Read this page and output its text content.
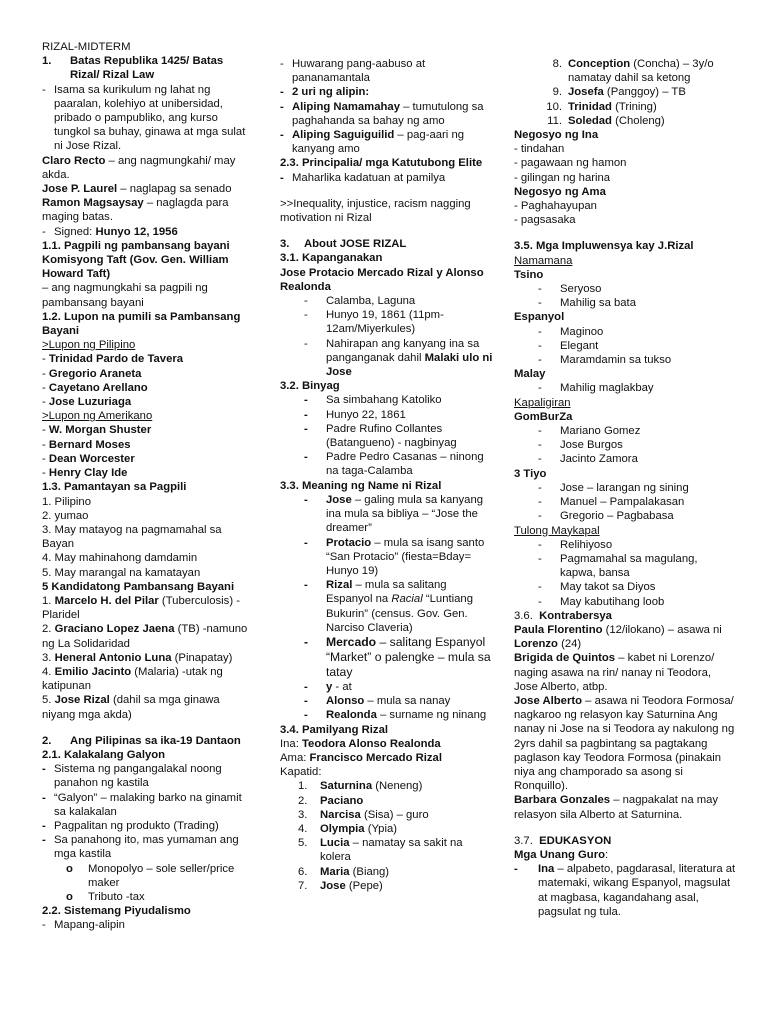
RIZAL-MIDTERM
1.	Batas Republika 1425/ Batas Rizal/ Rizal Law
- Isama sa kurikulum ng lahat ng paaralan, kolehiyo at unibersidad, pribado o pampubliko, ang kurso tungkol sa buhay, ginawa at mga sulat ni Jose Rizal.
Claro Recto – ang nagmungkahi/ may akda.
Jose P. Laurel – naglapag sa senado
Ramon Magsaysay – naglagda para maging batas.
- Signed: Hunyo 12, 1956
1.1. Pagpili ng pambansang bayani
Komisyong Taft (Gov. Gen. William Howard Taft)
– ang nagmungkahi sa pagpili ng pambansang bayani
1.2. Lupon na pumili sa Pambansang Bayani
>Lupon ng Pilipino
- Trinidad Pardo de Tavera
- Gregorio Araneta
- Cayetano Arellano
- Jose Luzuriaga
>Lupon ng Amerikano
- W. Morgan Shuster
- Bernard Moses
- Dean Worcester
- Henry Clay Ide
1.3. Pamantayan sa Pagpili
1. Pilipino
2. yumao
3. May matayog na pagmamahal sa Bayan
4. May mahinahong damdamin
5. May marangal na kamatayan
5 Kandidatong Pambansang Bayani
1. Marcelo H. del Pilar (Tuberculosis) - Plaridel
2. Graciano Lopez Jaena (TB) -namuno ng La Solidaridad
3. Heneral Antonio Luna (Pinapatay)
4. Emilio Jacinto (Malaria) -utak ng katipunan
5. Jose Rizal (dahil sa mga ginawa niyang mga akda)
2.	Ang Pilipinas sa ika-19 Dantaon
2.1. Kalakalang Galyon
- Sistema ng pangangalakal noong panahon ng kastila
- “Galyon” – malaking barko na ginamit sa kalakalan
- Pagpalitan ng produkto (Trading)
- Sa panahong ito, mas yumaman ang mga kastila
o	Monopolyo – sole seller/price maker
o	Tributo -tax
2.2. Sistemang Piyudalismo
- Mapang-alipin
- Huwarang pang-aabuso at pananamantala
- 2 uri ng alipin:
- Aliping Namamahay – tumutulong sa paghahanda sa bahay ng amo
- Aliping Saguiguilid – pag-aari ng kanyang amo
2.3. Principalia/ mga Katutubong Elite
- Maharlika kadatuan at pamilya
>>Inequality, injustice, racism nagging motivation ni Rizal
3.	About JOSE RIZAL
3.1. Kapanganakan
Jose Protacio Mercado Rizal y Alonso Realonda
-	Calamba, Laguna
-	Hunyo 19, 1861 (11pm-12am/Miyerkules)
-	Nahirapan ang kanyang ina sa panganganak dahil Malaki ulo ni Jose
3.2. Binyag
-	Sa simbahang Katoliko
-	Hunyo 22, 1861
-	Padre Rufino Collantes (Batangueno) - nagbinyag
-	Padre Pedro Casanas – ninong na taga-Calamba
3.3. Meaning ng Name ni Rizal
-	Jose – galing mula sa kanyang ina mula sa bibliya – “Jose the dreamer”
-	Protacio – mula sa isang santo “San Protacio” (fiesta=Bday= Hunyo 19)
-	Rizal – mula sa salitang Espanyol na Racial “Luntiang Bukurin” (census. Gov. Gen. Narciso Claveria)
-	Mercado – salitang Espanyol “Market” o palengke – mula sa tatay
-	y - at
-	Alonso – mula sa nanay
-	Realonda – surname ng ninang
3.4. Pamilyang Rizal
Ina: Teodora Alonso Realonda
Ama: Francisco Mercado Rizal
Kapatid:
1.	Saturnina (Neneng)
2.	Paciano
3.	Narcisa (Sisa) – guro
4.	Olympia (Ypia)
5.	Lucia – namatay sa sakit na kolera
6.	Maria (Biang)
7.	Jose (Pepe)
8. Conception (Concha) – 3y/o namatay dahil sa ketong
9. Josefa (Panggoy) – TB
10. Trinidad (Trining)
11. Soledad (Choleng)
Negosyo ng Ina
- tindahan
- pagawaan ng hamon
- gilingan ng harina
Negosyo ng Ama
- Paghahayupan
- pagsasaka
3.5. Mga Impluwensya kay J.Rizal
Namamana
Tsino
-	Seryoso
-	Mahilig sa bata
Espanyol
-	Maginoo
-	Elegant
-	Maramdamin sa tukso
Malay
-	Mahilig maglakbay
Kapaligiran
GomBurZa
-	Mariano Gomez
-	Jose Burgos
-	Jacinto Zamora
3 Tiyo
-	Jose – larangan ng sining
-	Manuel – Pampalakasan
-	Gregorio – Pagbabasa
Tulong Maykapal
-	Relihiyoso
-	Pagmamahal sa magulang, kapwa, bansa
-	May takot sa Diyos
-	May kabutihang loob
3.6. Kontrabersya
Paula Florentino (12/ilokano) – asawa ni Lorenzo (24)
Brigida de Quintos – kabet ni Lorenzo/ naging asawa na rin/ nanay ni Teodora, Jose Alberto, atbp.
Jose Alberto – asawa ni Teodora Formosa/ nagkaroo ng relasyon kay Saturnina Ang nanay ni Jose na si Teodora ay nakulong ng 2yrs dahil sa pagbintang sa pagtakang paglason kay Teodora Formosa (pinakain niya ang champorado sa asong si Ronquillo).
Barbara Gonzales – nagpakalat na may relasyon sila Alberto at Saturnina.
3.7. EDUKASYON
Mga Unang Guro:
-	Ina – alpabeto, pagdarasal, literatura at matemaki, wikang Espanyol, magsulat at magbasa, kagandahang asal, pagsulat ng tula.
